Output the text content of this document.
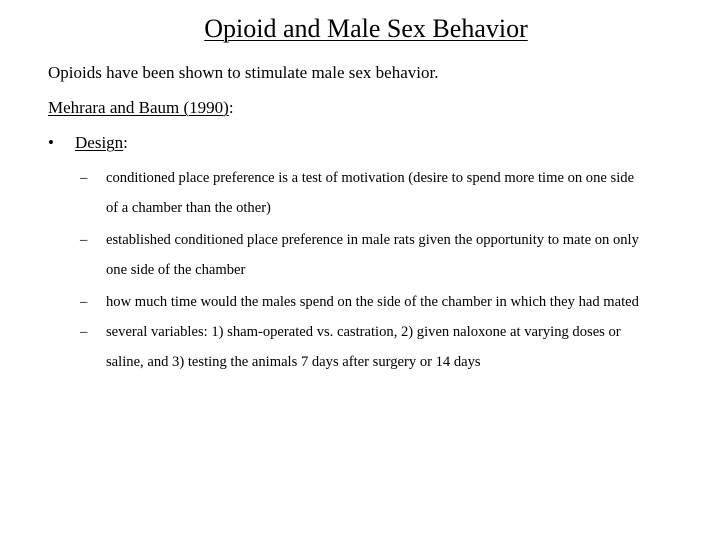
Opioid and Male Sex Behavior
Opioids have been shown to stimulate male sex behavior.
Mehrara and Baum (1990):
• Design:
– conditioned place preference is a test of motivation (desire to spend more time on one side
of a chamber than the other)
– established conditioned place preference in male rats given the opportunity to mate on only
one side of the chamber
– how much time would the males spend on the side of the chamber in which they had mated
– several variables: 1) sham-operated vs. castration, 2) given naloxone at varying doses or
saline, and 3) testing the animals 7 days after surgery or 14 days
